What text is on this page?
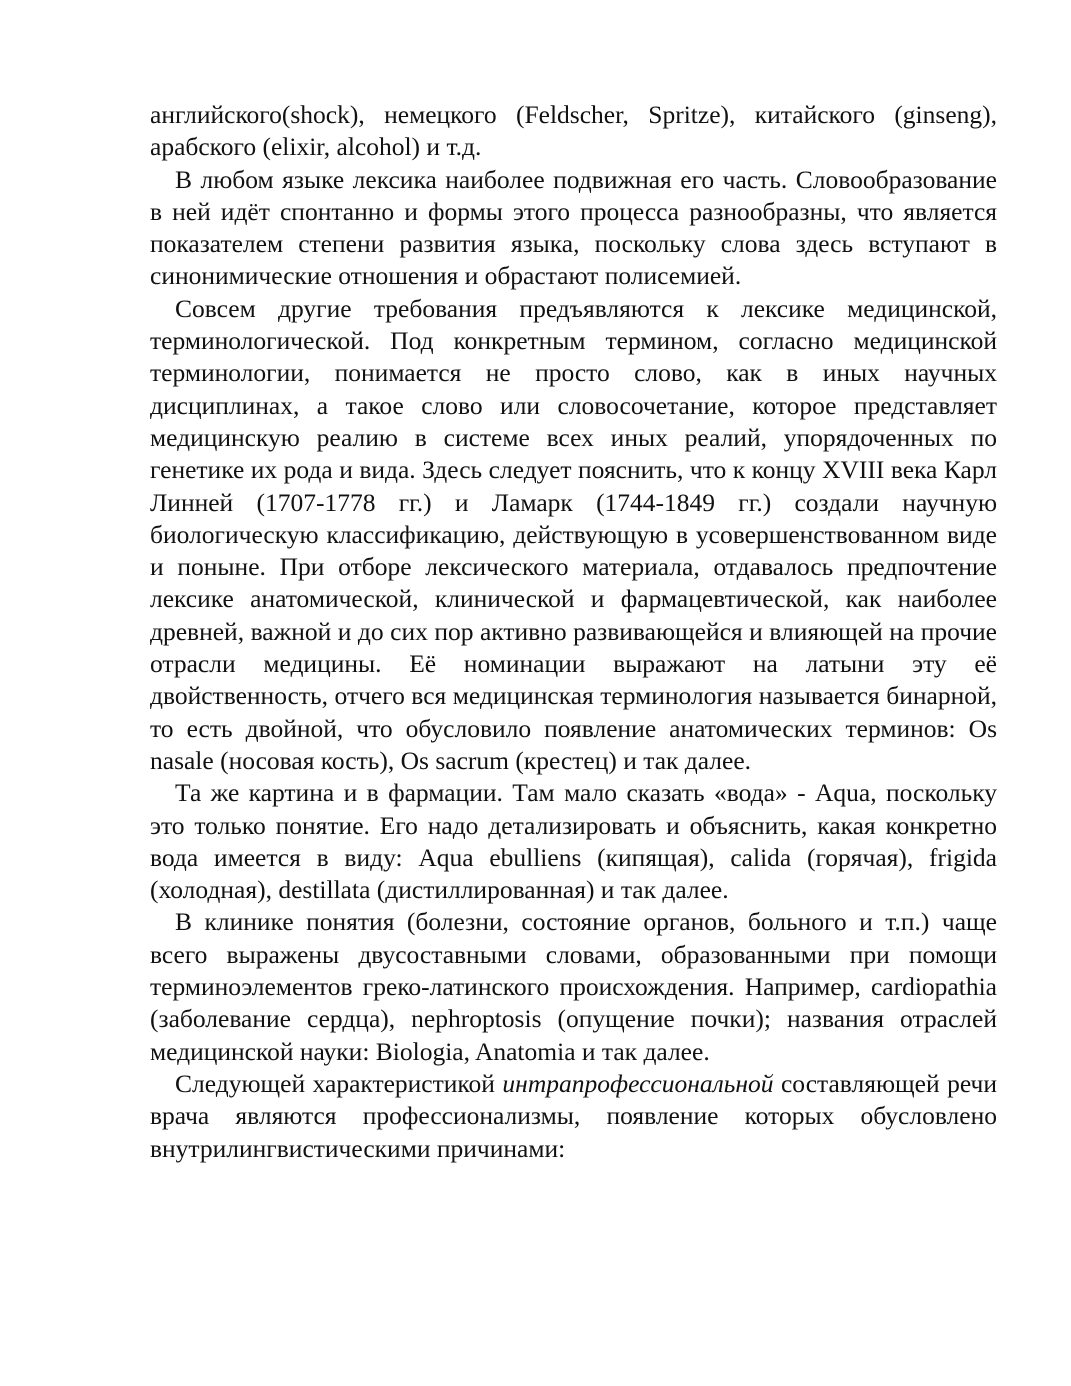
английского(shock), немецкого (Feldscher, Spritze), китайского (ginseng), арабского (elixir, alcohol) и т.д.

В любом языке лексика наиболее подвижная его часть. Словообразование в ней идёт спонтанно и формы этого процесса разнообразны, что является показателем степени развития языка, поскольку слова здесь вступают в синонимические отношения и обрастают полисемией.

Совсем другие требования предъявляются к лексике медицинской, терминологической. Под конкретным термином, согласно медицинской терминологии, понимается не просто слово, как в иных научных дисциплинах, а такое слово или словосочетание, которое представляет медицинскую реалию в системе всех иных реалий, упорядоченных по генетике их рода и вида. Здесь следует пояснить, что к концу XVIII века Карл Линней (1707-1778 гг.) и Ламарк (1744-1849 гг.) создали научную биологическую классификацию, действующую в усовершенствованном виде и поныне. При отборе лексического материала, отдавалось предпочтение лексике анатомической, клинической и фармацевтической, как наиболее древней, важной и до сих пор активно развивающейся и влияющей на прочие отрасли медицины. Её номинации выражают на латыни эту её двойственность, отчего вся медицинская терминология называется бинарной, то есть двойной, что обусловило появление анатомических терминов: Os nasale (носовая кость), Os sacrum (крестец) и так далее.

Та же картина и в фармации. Там мало сказать «вода» - Aqua, поскольку это только понятие. Его надо детализировать и объяснить, какая конкретно вода имеется в виду: Aqua ebulliens (кипящая), calida (горячая), frigida (холодная), destillata (дистиллированная) и так далее.

В клинике понятия (болезни, состояние органов, больного и т.п.) чаще всего выражены двусоставными словами, образованными при помощи терминоэлементов греко-латинского происхождения. Например, cardiopathia (заболевание сердца), nephroptosis (опущение почки); названия отраслей медицинской науки: Biologia, Anatomia и так далее.

Следующей характеристикой интрапрофессиональной составляющей речи врача являются профессионализмы, появление которых обусловлено внутрилингвистическими причинами:
